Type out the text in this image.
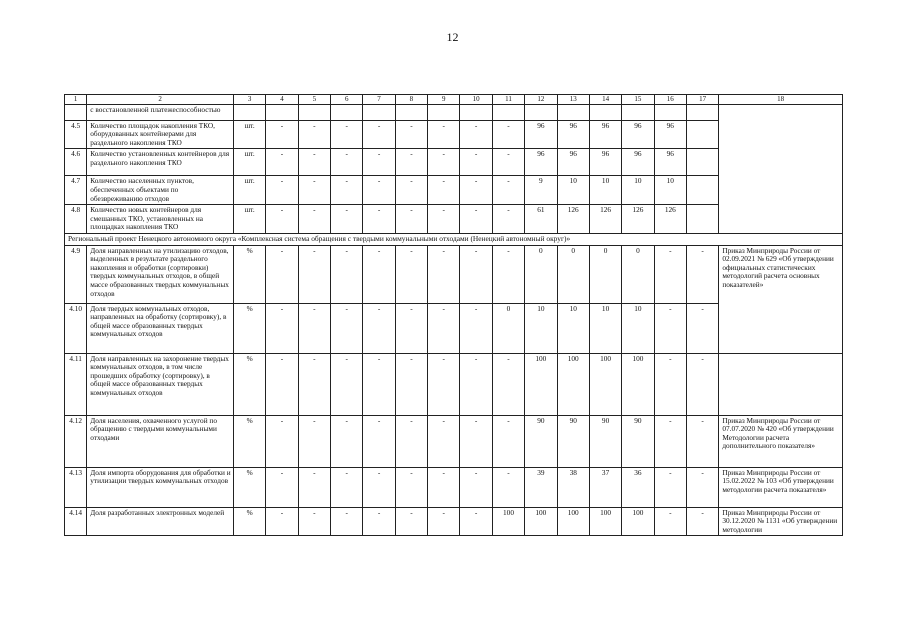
12
1	2	3	4	5	6	7	8	9	10	11	12	13	14	15	16	17	18
	с восстановленной платежеспособностью																
4.5	Количество площадок накопления ТКО, оборудованных контейнерами для раздельного накопления ТКО	шт.	-	-	-	-	-	-	-	-	96	96	96	96	96		
4.6	Количество установленных контейнеров для раздельного накопления ТКО	шт.	-	-	-	-	-	-	-	-	96	96	96	96	96		
4.7	Количество населенных пунктов, обеспеченных объектами по обезвреживанию отходов	шт.	-	-	-	-	-	-	-	-	9	10	10	10	10		
4.8	Количество новых контейнеров для смешанных ТКО, установленных на площадках накопления ТКО	шт.	-	-	-	-	-	-	-	-	61	126	126	126	126		
Региональный проект Ненецкого автономного округа «Комплексная система обращения с твердыми коммунальными отходами (Ненецкий автономный округ)»																	
4.9	Доля направленных на утилизацию отходов, выделенных в результате раздельного накопления и обработки (сортировки) твердых коммунальных отходов, в общей массе образованных твердых коммунальных отходов	%	-	-	-	-	-	-	-	-	0	0	0	0	-	-	Приказ Минприроды России от 02.09.2021 № 629 «Об утверждении официальных статистических методологий расчета основных показателей»
4.10	Доля твердых коммунальных отходов, направленных на обработку (сортировку), в общей массе образованных твердых коммунальных отходов	%	-	-	-	-	-	-	-	0	10	10	10	10	-	-	
4.11	Доля направленных на захоронение твердых коммунальных отходов, в том числе прошедших обработку (сортировку), в общей массе образованных твердых коммунальных отходов	%	-	-	-	-	-	-	-	-	100	100	100	100	-	-	
4.12	Доля населения, охваченного услугой по обращению с твердыми коммунальными отходами	%	-	-	-	-	-	-	-	-	90	90	90	90	-	-	Приказ Минприроды России от 07.07.2020 № 420 «Об утверждении Методологии расчета дополнительного показателя»
4.13	Доля импорта оборудования для обработки и утилизации твердых коммунальных отходов	%	-	-	-	-	-	-	-	-	39	38	37	36	-	-	Приказ Минприроды России от 15.02.2022 № 103 «Об утверждении методологии расчета показателя»
4.14	Доля разработанных электронных моделей	%	-	-	-	-	-	-	-	100	100	100	100	100	-	-	Приказ Минприроды России от 30.12.2020 № 1131 «Об утверждении методологии
